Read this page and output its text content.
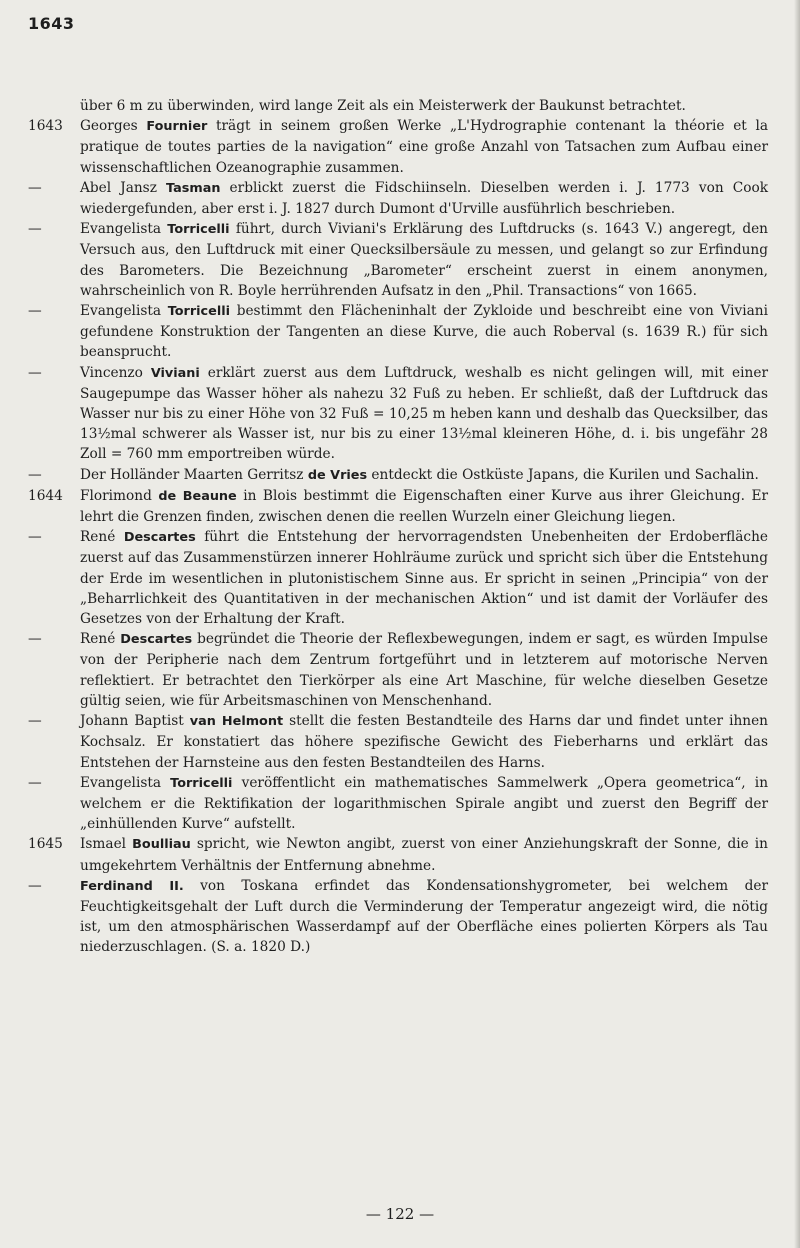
1643
über 6 m zu überwinden, wird lange Zeit als ein Meisterwerk der Baukunst betrachtet.
1643	Georges Fournier trägt in seinem großen Werke „L'Hydrographie contenant la théorie et la pratique de toutes parties de la navigation“ eine große Anzahl von Tatsachen zum Aufbau einer wissenschaftlichen Ozeanographie zusammen.
—	Abel Jansz Tasman erblickt zuerst die Fidschiinseln. Dieselben werden i. J. 1773 von Cook wiedergefunden, aber erst i. J. 1827 durch Dumont d'Urville ausführlich beschrieben.
—	Evangelista Torricelli führt, durch Viviani's Erklärung des Luftdrucks (s. 1643 V.) angeregt, den Versuch aus, den Luftdruck mit einer Quecksilbersäule zu messen, und gelangt so zur Erfindung des Barometers. Die Bezeichnung „Barometer“ erscheint zuerst in einem anonymen, wahrscheinlich von R. Boyle herrührenden Aufsatz in den „Phil. Transactions“ von 1665.
—	Evangelista Torricelli bestimmt den Flächeninhalt der Zykloide und beschreibt eine von Viviani gefundene Konstruktion der Tangenten an diese Kurve, die auch Roberval (s. 1639 R.) für sich beansprucht.
—	Vincenzo Viviani erklärt zuerst aus dem Luftdruck, weshalb es nicht gelingen will, mit einer Saugepumpe das Wasser höher als nahezu 32 Fuß zu heben. Er schließt, daß der Luftdruck das Wasser nur bis zu einer Höhe von 32 Fuß = 10,25 m heben kann und deshalb das Quecksilber, das 13½mal schwerer als Wasser ist, nur bis zu einer 13½mal kleineren Höhe, d. i. bis ungefähr 28 Zoll = 760 mm emportreiben würde.
—	Der Holländer Maarten Gerritsz de Vries entdeckt die Ostküste Japans, die Kurilen und Sachalin.
1644	Florimond de Beaune in Blois bestimmt die Eigenschaften einer Kurve aus ihrer Gleichung. Er lehrt die Grenzen finden, zwischen denen die reellen Wurzeln einer Gleichung liegen.
—	René Descartes führt die Entstehung der hervorragendsten Unebenheiten der Erdoberfläche zuerst auf das Zusammenstürzen innerer Hohlräume zurück und spricht sich über die Entstehung der Erde im wesentlichen in plutonistischem Sinne aus. Er spricht in seinen „Principia“ von der „Beharrlichkeit des Quantitativen in der mechanischen Aktion“ und ist damit der Vorläufer des Gesetzes von der Erhaltung der Kraft.
—	René Descartes begründet die Theorie der Reflexbewegungen, indem er sagt, es würden Impulse von der Peripherie nach dem Zentrum fortgeführt und in letzterem auf motorische Nerven reflektiert. Er betrachtet den Tierkörper als eine Art Maschine, für welche dieselben Gesetze gültig seien, wie für Arbeitsmaschinen von Menschenhand.
—	Johann Baptist van Helmont stellt die festen Bestandteile des Harns dar und findet unter ihnen Kochsalz. Er konstatiert das höhere spezifische Gewicht des Fieberharns und erklärt das Entstehen der Harnsteine aus den festen Bestandteilen des Harns.
—	Evangelista Torricelli veröffentlicht ein mathematisches Sammelwerk „Opera geometrica“, in welchem er die Rektifikation der logarithmischen Spirale angibt und zuerst den Begriff der „einhüllenden Kurve“ aufstellt.
1645	Ismael Boulliau spricht, wie Newton angibt, zuerst von einer Anziehungskraft der Sonne, die in umgekehrtem Verhältnis der Entfernung abnehme.
—	Ferdinand II. von Toskana erfindet das Kondensationshygrometer, bei welchem der Feuchtigkeitsgehalt der Luft durch die Verminderung der Temperatur angezeigt wird, die nötig ist, um den atmosphärischen Wasserdampf auf der Oberfläche eines polierten Körpers als Tau niederzuschlagen. (S. a. 1820 D.)
— 122 —
